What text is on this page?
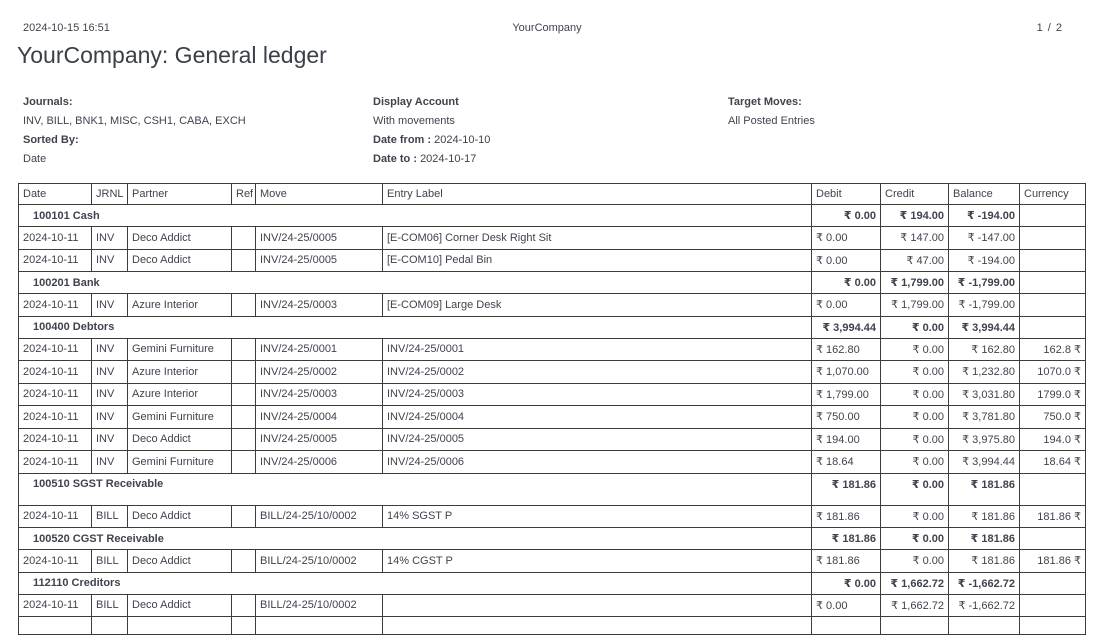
2024-10-15 16:51	YourCompany	1 / 2
YourCompany: General ledger
Journals:
INV, BILL, BNK1, MISC, CSH1, CABA, EXCH
Sorted By:
Date
Display Account
With movements
Date from : 2024-10-10
Date to : 2024-10-17
Target Moves:
All Posted Entries
Date	JRNL	Partner	Ref	Move	Entry Label	Debit	Credit	Balance	Currency
100101 Cash						₹ 0.00	₹ 194.00	₹ -194.00	
2024-10-11	INV	Deco Addict		INV/24-25/0005	[E-COM06] Corner Desk Right Sit	₹ 0.00	₹ 147.00	₹ -147.00	
2024-10-11	INV	Deco Addict		INV/24-25/0005	[E-COM10] Pedal Bin	₹ 0.00	₹ 47.00	₹ -194.00	
100201 Bank						₹ 0.00	₹ 1,799.00	₹ -1,799.00	
2024-10-11	INV	Azure Interior		INV/24-25/0003	[E-COM09] Large Desk	₹ 0.00	₹ 1,799.00	₹ -1,799.00	
100400 Debtors						₹ 3,994.44	₹ 0.00	₹ 3,994.44	
2024-10-11	INV	Gemini Furniture		INV/24-25/0001	INV/24-25/0001	₹ 162.80	₹ 0.00	₹ 162.80	162.8 ₹
2024-10-11	INV	Azure Interior		INV/24-25/0002	INV/24-25/0002	₹ 1,070.00	₹ 0.00	₹ 1,232.80	1070.0 ₹
2024-10-11	INV	Azure Interior		INV/24-25/0003	INV/24-25/0003	₹ 1,799.00	₹ 0.00	₹ 3,031.80	1799.0 ₹
2024-10-11	INV	Gemini Furniture		INV/24-25/0004	INV/24-25/0004	₹ 750.00	₹ 0.00	₹ 3,781.80	750.0 ₹
2024-10-11	INV	Deco Addict		INV/24-25/0005	INV/24-25/0005	₹ 194.00	₹ 0.00	₹ 3,975.80	194.0 ₹
2024-10-11	INV	Gemini Furniture		INV/24-25/0006	INV/24-25/0006	₹ 18.64	₹ 0.00	₹ 3,994.44	18.64 ₹
100510 SGST Receivable						₹ 181.86	₹ 0.00	₹ 181.86	
2024-10-11	BILL	Deco Addict		BILL/24-25/10/0002	14% SGST P	₹ 181.86	₹ 0.00	₹ 181.86	181.86 ₹
100520 CGST Receivable						₹ 181.86	₹ 0.00	₹ 181.86	
2024-10-11	BILL	Deco Addict		BILL/24-25/10/0002	14% CGST P	₹ 181.86	₹ 0.00	₹ 181.86	181.86 ₹
112110 Creditors						₹ 0.00	₹ 1,662.72	₹ -1,662.72	
2024-10-11	BILL	Deco Addict		BILL/24-25/10/0002		₹ 0.00	₹ 1,662.72	₹ -1,662.72	
